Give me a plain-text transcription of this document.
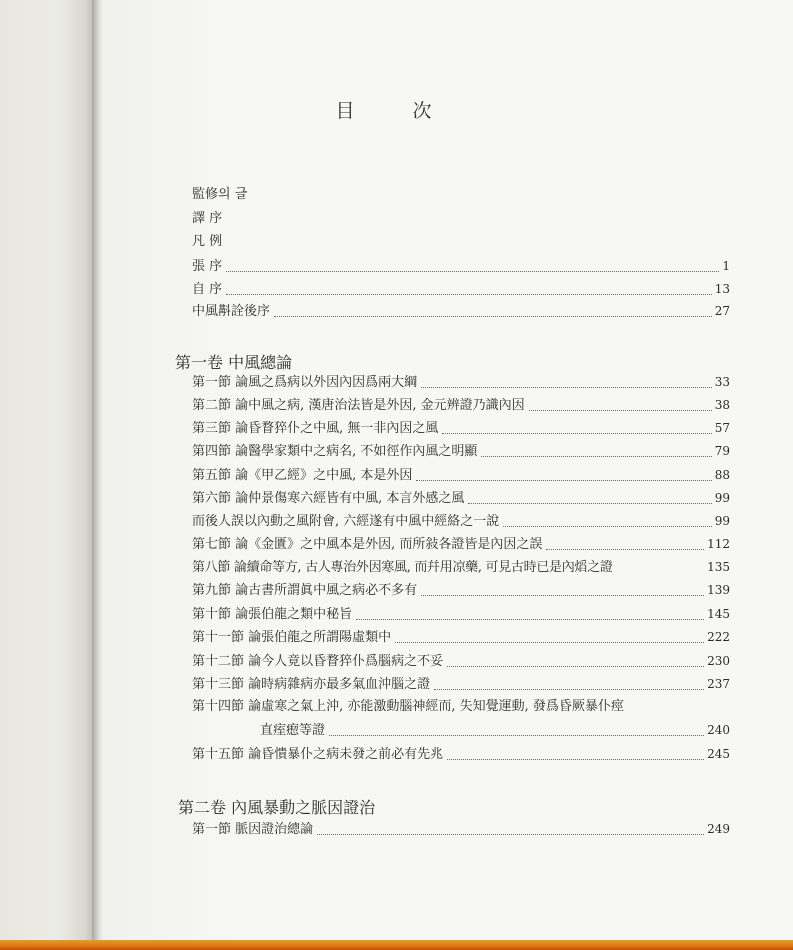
目 次
監修의 글
譯 序
凡 例
張 序	1
自 序	13
中風斠詮後序	27
第一卷 中風總論
第一節 論風之爲病以外因內因爲兩大綱	33
第二節 論中風之病, 漢唐治法皆是外因, 金元辨證乃識內因	38
第三節 論昏瞀猝仆之中風, 無一非內因之風	57
第四節 論醫學家類中之病名, 不如徑作內風之明顯	79
第五節 論《甲乙經》之中風, 本是外因	88
第六節 論仲景傷寒六經皆有中風, 本言外感之風	99
而後人誤以內動之風附會, 六經遂有中風中經絡之一說	99
第七節 論《金匱》之中風本是外因, 而所敍各證皆是內因之誤	112
第八節 論續命等方, 古人專治外因寒風, 而幷用凉藥, 可見古時已是內熖之證	135
第九節 論古書所謂眞中風之病必不多有	139
第十節 論張伯龍之類中秘旨	145
第十一節 論張伯龍之所謂陽虛類中	222
第十二節 論今人竟以昏瞀猝仆爲腦病之不妥	230
第十三節 論時病雜病亦最多氣血沖腦之證	237
第十四節 論虛寒之氣上沖, 亦能激動腦神經而, 失知覺運動, 發爲昏厥暴仆痙
直痓瘛等證	240
第十五節 論昏憒暴仆之病未發之前必有先兆	245
第二卷 內風暴動之脈因證治
第一節 脈因證治總論	249
